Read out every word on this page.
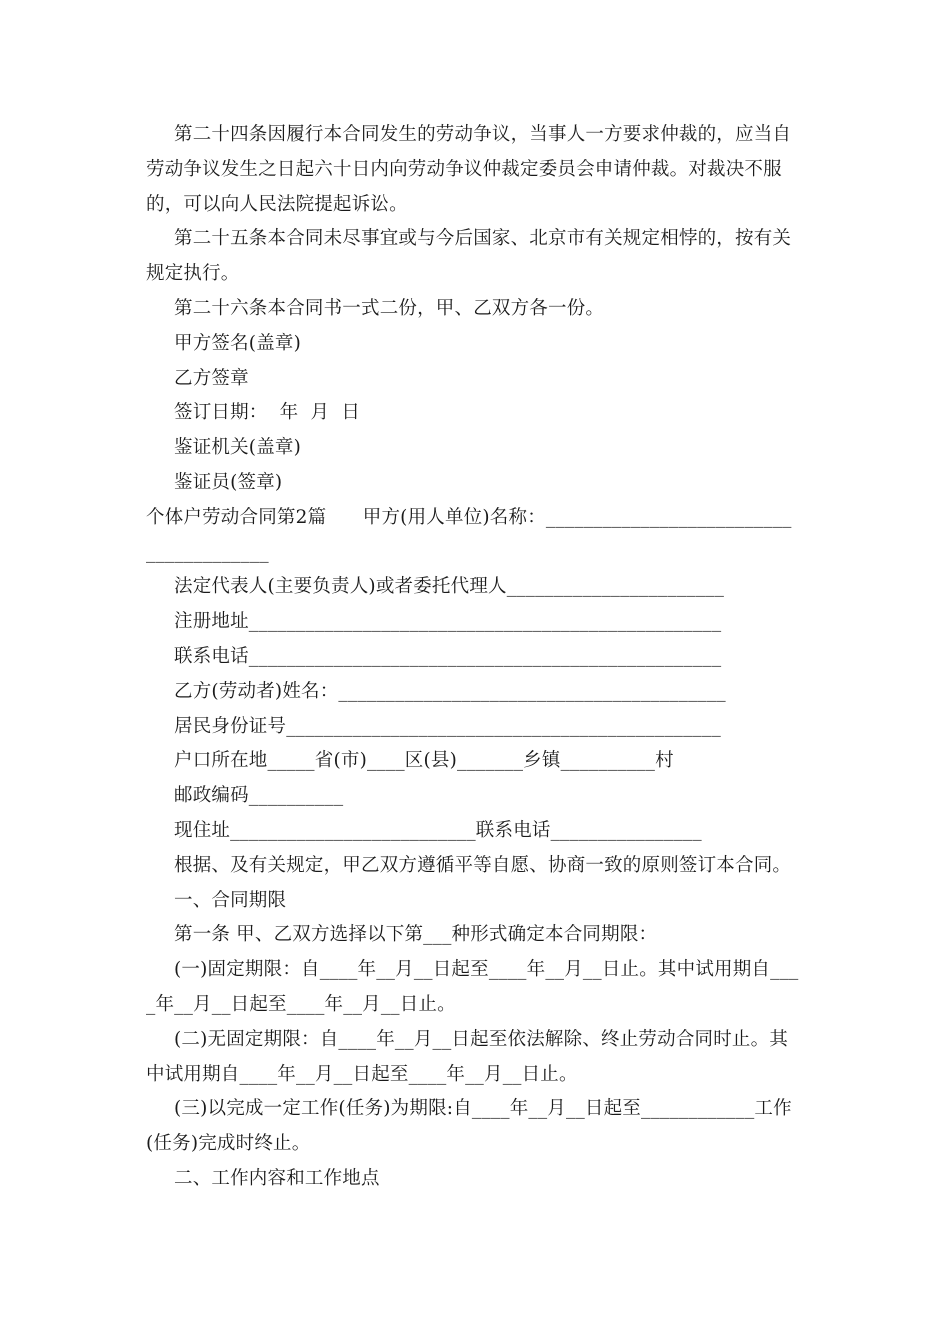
第二十四条因履行本合同发生的劳动争议，当事人一方要求仲裁的，应当自劳动争议发生之日起六十日内向劳动争议仲裁定委员会申请仲裁。对裁决不服的，可以向人民法院提起诉讼。

第二十五条本合同未尽事宜或与今后国家、北京市有关规定相悖的，按有关规定执行。

第二十六条本合同书一式二份，甲、乙双方各一份。

甲方签名(盖章)

乙方签章

签订日期：  年  月  日

鉴证机关(盖章)

鉴证员(签章)

个体户劳动合同第2篇      甲方(用人单位)名称：__________________________

_____________

法定代表人(主要负责人)或者委托代理人_______________________

注册地址__________________________________________________

联系电话__________________________________________________

乙方(劳动者)姓名：_________________________________________

居民身份证号______________________________________________

户口所在地_____省(市)____区(县)_______乡镇__________村

邮政编码__________

现住址__________________________联系电话________________

根据、及有关规定，甲乙双方遵循平等自愿、协商一致的原则签订本合同。

一、合同期限

第一条 甲、乙双方选择以下第___种形式确定本合同期限：

(一)固定期限：自____年__月__日起至____年__月__日止。其中试用期自____年__月__日起至____年__月__日止。

(二)无固定期限：自____年__月__日起至依法解除、终止劳动合同时止。其中试用期自____年__月__日起至____年__月__日止。

(三)以完成一定工作(任务)为期限:自____年__月__日起至____________工作(任务)完成时终止。

二、工作内容和工作地点
